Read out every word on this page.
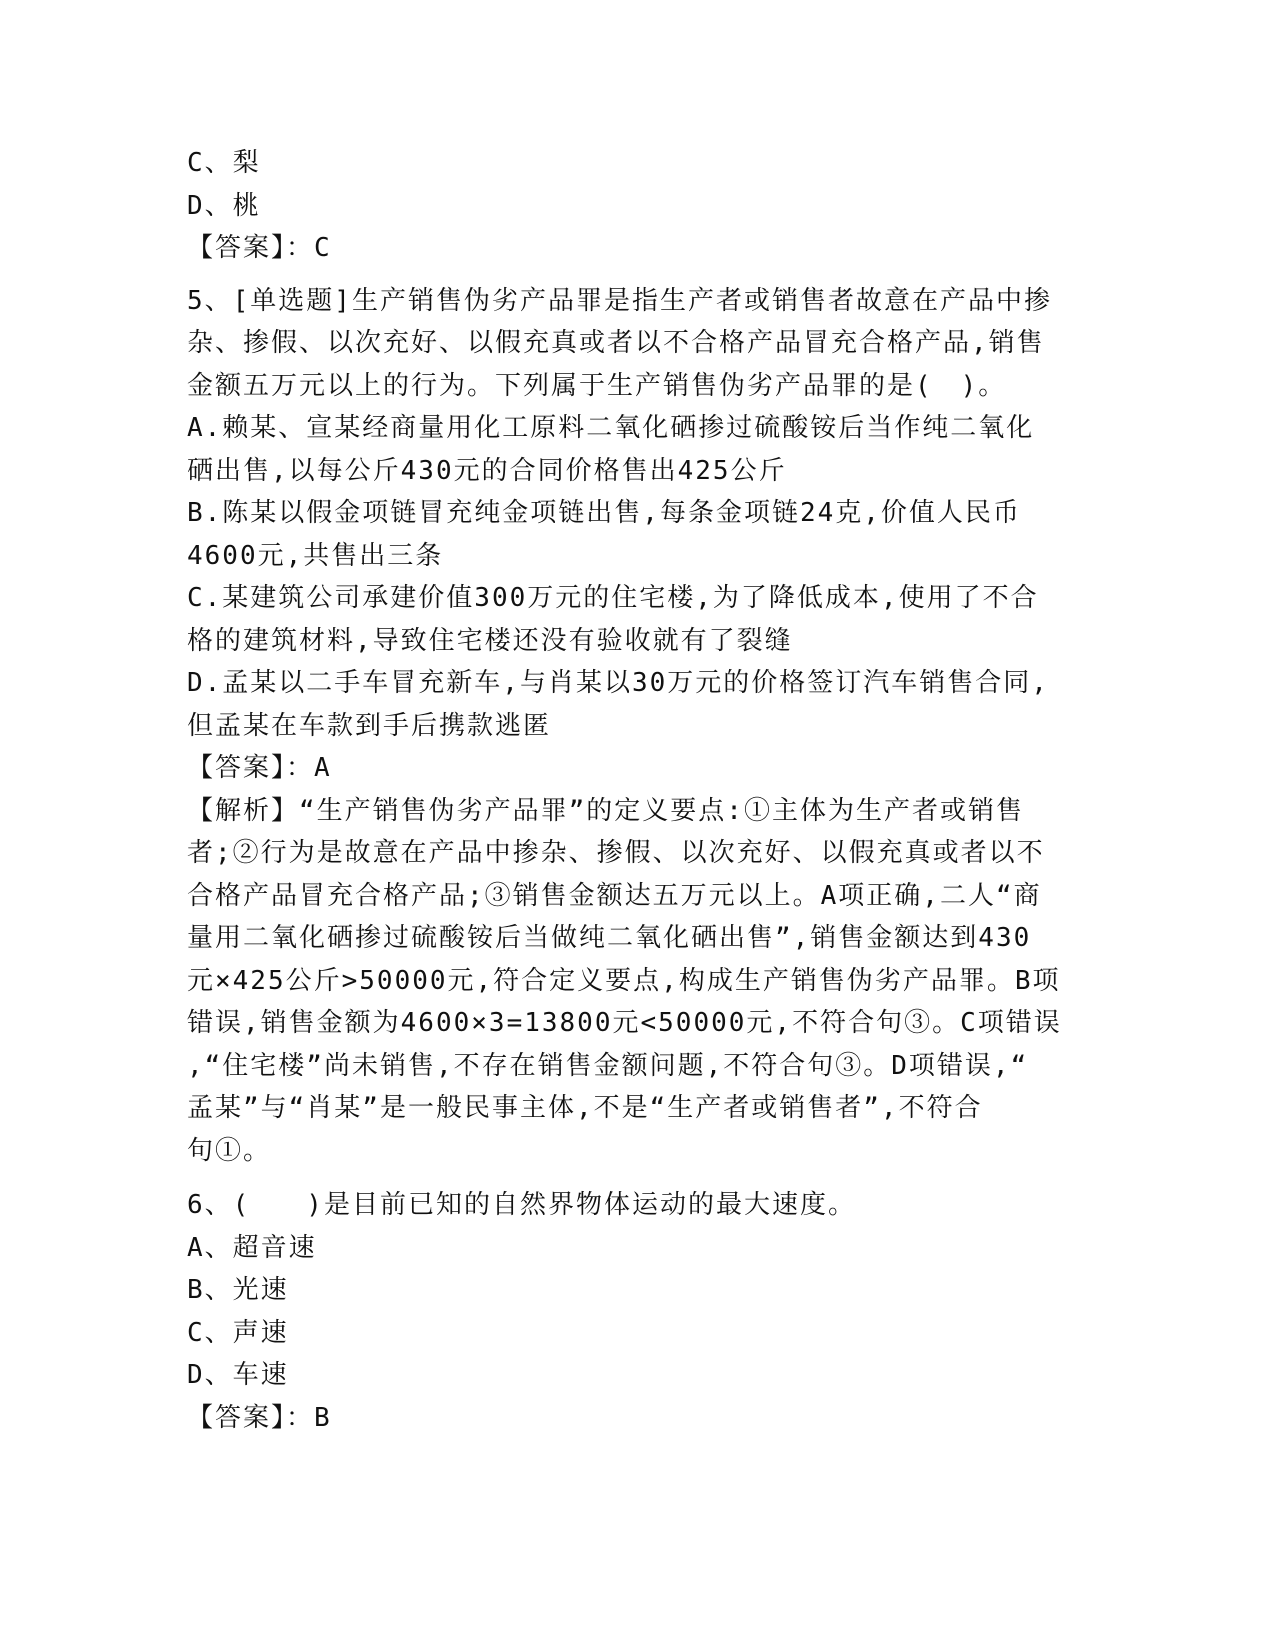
C、梨
D、桃
【答案】：C
5、[单选题]生产销售伪劣产品罪是指生产者或销售者故意在产品中掺
杂、掺假、以次充好、以假充真或者以不合格产品冒充合格产品,销售
金额五万元以上的行为。下列属于生产销售伪劣产品罪的是(　)。
A.赖某、宣某经商量用化工原料二氧化硒掺过硫酸铵后当作纯二氧化
硒出售,以每公斤430元的合同价格售出425公斤
B.陈某以假金项链冒充纯金项链出售,每条金项链24克,价值人民币
4600元,共售出三条
C.某建筑公司承建价值300万元的住宅楼,为了降低成本,使用了不合
格的建筑材料,导致住宅楼还没有验收就有了裂缝
D.孟某以二手车冒充新车,与肖某以30万元的价格签订汽车销售合同,
但孟某在车款到手后携款逃匿
【答案】：A
【解析】“生产销售伪劣产品罪”的定义要点:①主体为生产者或销售
者;②行为是故意在产品中掺杂、掺假、以次充好、以假充真或者以不
合格产品冒充合格产品;③销售金额达五万元以上。A项正确,二人“商
量用二氧化硒掺过硫酸铵后当做纯二氧化硒出售”,销售金额达到430
元×425公斤>50000元,符合定义要点,构成生产销售伪劣产品罪。B项
错误,销售金额为4600×3=13800元<50000元,不符合句③。C项错误
,“住宅楼”尚未销售,不存在销售金额问题,不符合句③。D项错误,“
孟某”与“肖某”是一般民事主体,不是“生产者或销售者”,不符合
句①。
6、(　　)是目前已知的自然界物体运动的最大速度。
A、超音速
B、光速
C、声速
D、车速
【答案】：B
